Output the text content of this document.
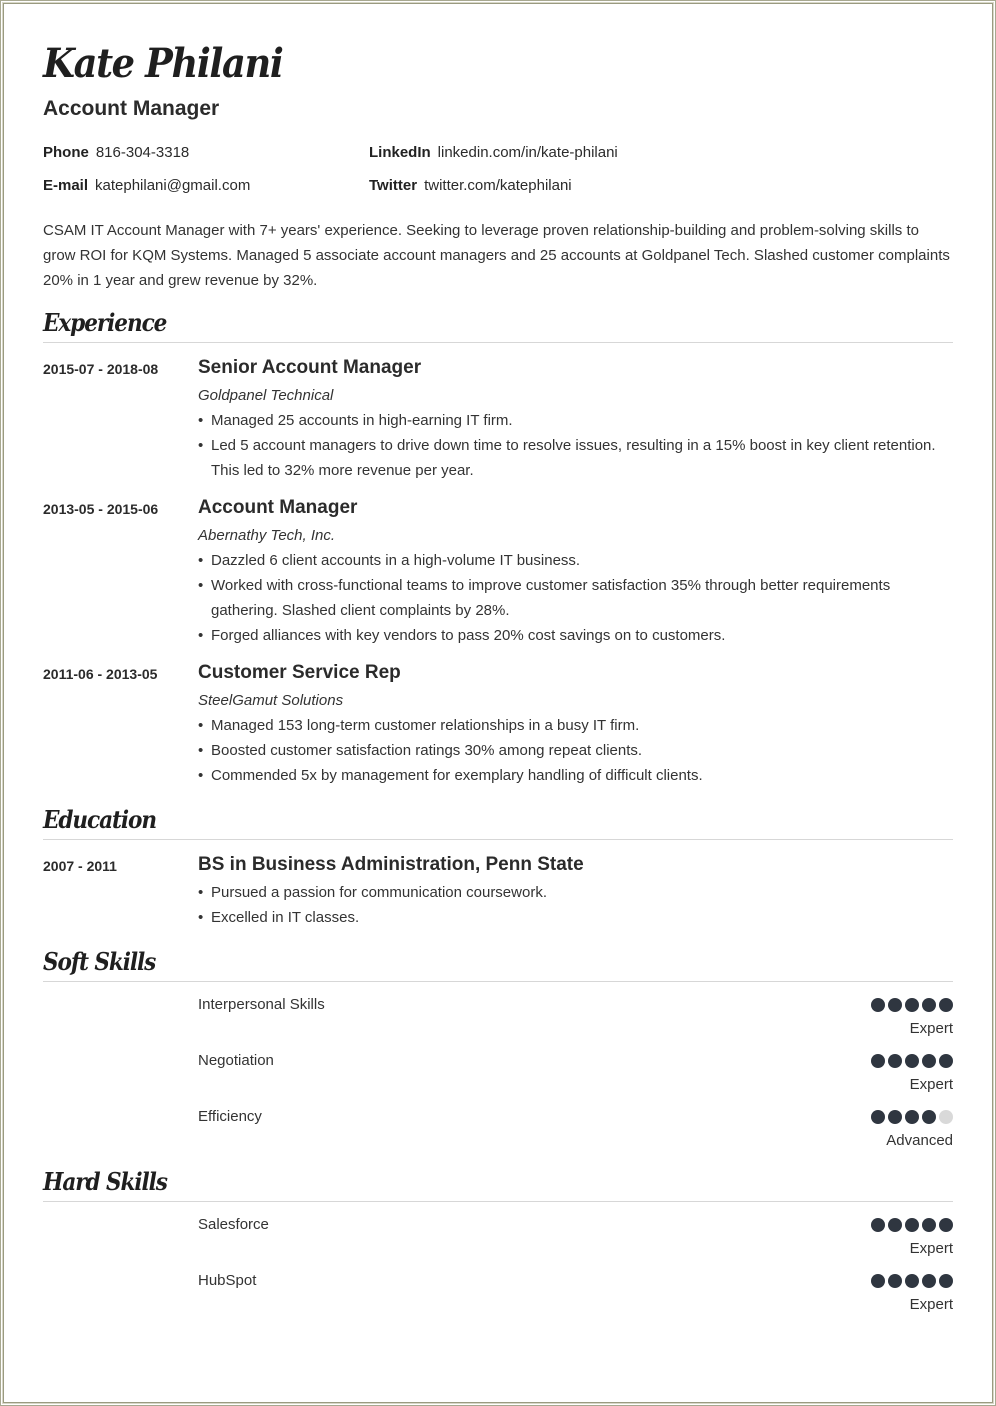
Kate Philani
Account Manager
Phone 816-304-3318	LinkedIn linkedin.com/in/kate-philani
E-mail katephilani@gmail.com	Twitter twitter.com/katephilani
CSAM IT Account Manager with 7+ years' experience. Seeking to leverage proven relationship-building and problem-solving skills to grow ROI for KQM Systems. Managed 5 associate account managers and 25 accounts at Goldpanel Tech. Slashed customer complaints 20% in 1 year and grew revenue by 32%.
Experience
2015-07 - 2018-08 Senior Account Manager
Goldpanel Technical
• Managed 25 accounts in high-earning IT firm.
• Led 5 account managers to drive down time to resolve issues, resulting in a 15% boost in key client retention. This led to 32% more revenue per year.
2013-05 - 2015-06 Account Manager
Abernathy Tech, Inc.
• Dazzled 6 client accounts in a high-volume IT business.
• Worked with cross-functional teams to improve customer satisfaction 35% through better requirements gathering. Slashed client complaints by 28%.
• Forged alliances with key vendors to pass 20% cost savings on to customers.
2011-06 - 2013-05 Customer Service Rep
SteelGamut Solutions
• Managed 153 long-term customer relationships in a busy IT firm.
• Boosted customer satisfaction ratings 30% among repeat clients.
• Commended 5x by management for exemplary handling of difficult clients.
Education
2007 - 2011	BS in Business Administration, Penn State
• Pursued a passion for communication coursework.
• Excelled in IT classes.
Soft Skills
Interpersonal Skills
Expert
Negotiation
Expert
Efficiency
Advanced
Hard Skills
Salesforce
Expert
HubSpot
Expert
